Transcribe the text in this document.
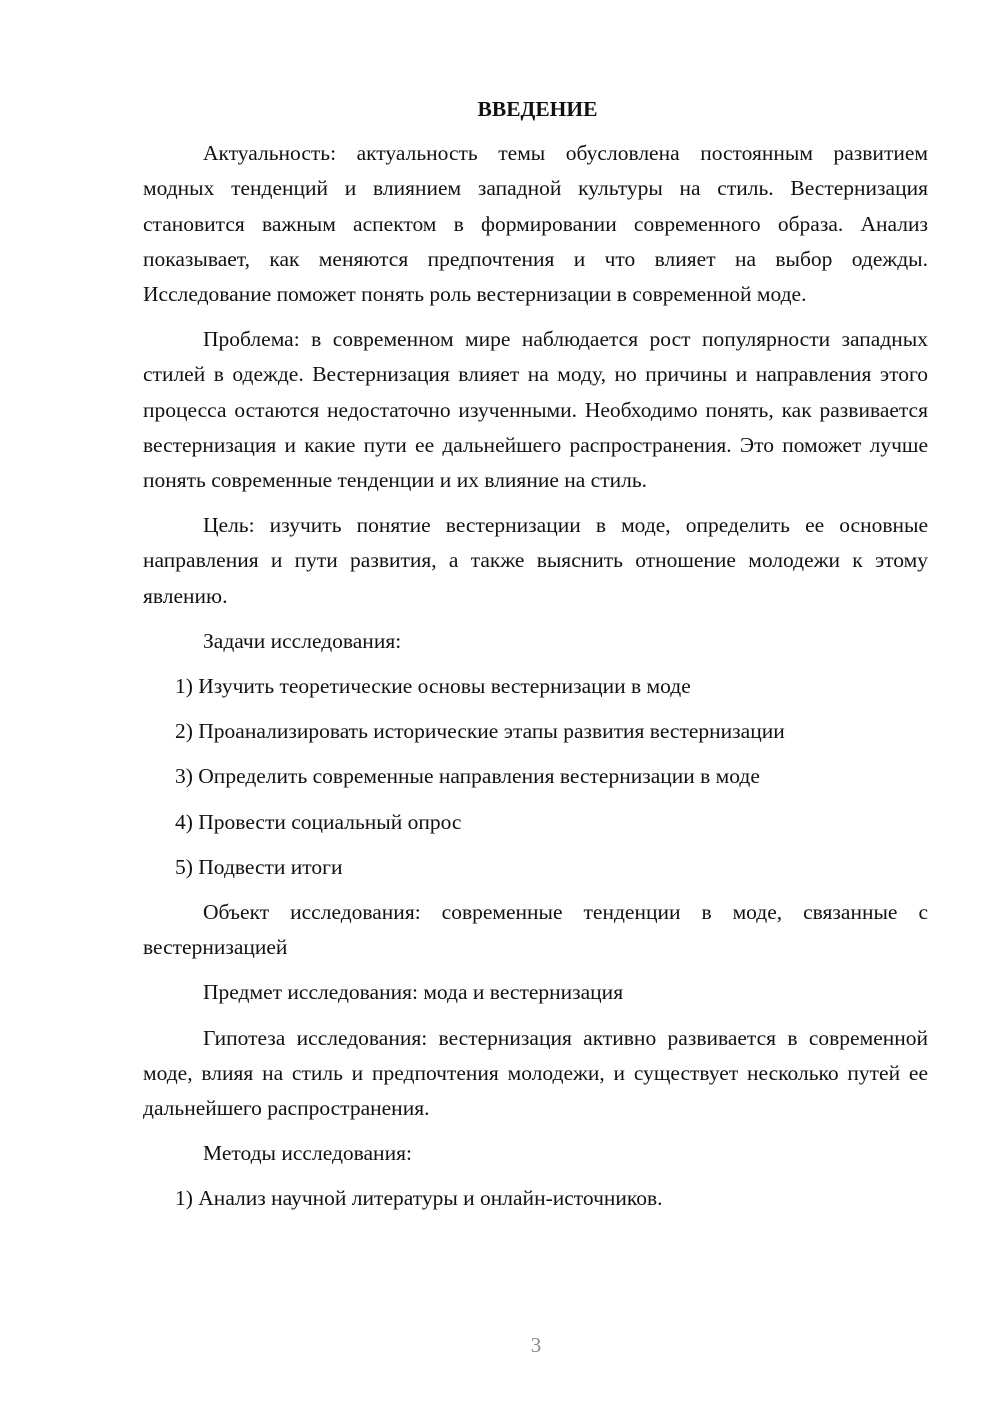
ВВЕДЕНИЕ

Актуальность: актуальность темы обусловлена постоянным развитием модных тенденций и влиянием западной культуры на стиль. Вестернизация становится важным аспектом в формировании современного образа. Анализ показывает, как меняются предпочтения и что влияет на выбор одежды. Исследование поможет понять роль вестернизации в современной моде.

Проблема: в современном мире наблюдается рост популярности западных стилей в одежде. Вестернизация влияет на моду, но причины и направления этого процесса остаются недостаточно изученными. Необходимо понять, как развивается вестернизация и какие пути ее дальнейшего распространения. Это поможет лучше понять современные тенденции и их влияние на стиль.

Цель: изучить понятие вестернизации в моде, определить ее основные направления и пути развития, а также выяснить отношение молодежи к этому явлению.

Задачи исследования:

1) Изучить теоретические основы вестернизации в моде

2) Проанализировать исторические этапы развития вестернизации

3) Определить современные направления вестернизации в моде

4) Провести социальный опрос

5) Подвести итоги

Объект исследования: современные тенденции в моде, связанные с вестернизацией

Предмет исследования: мода и вестернизация

Гипотеза исследования: вестернизация активно развивается в современной моде, влияя на стиль и предпочтения молодежи, и существует несколько путей ее дальнейшего распространения.

Методы исследования:

1) Анализ научной литературы и онлайн-источников.

3
